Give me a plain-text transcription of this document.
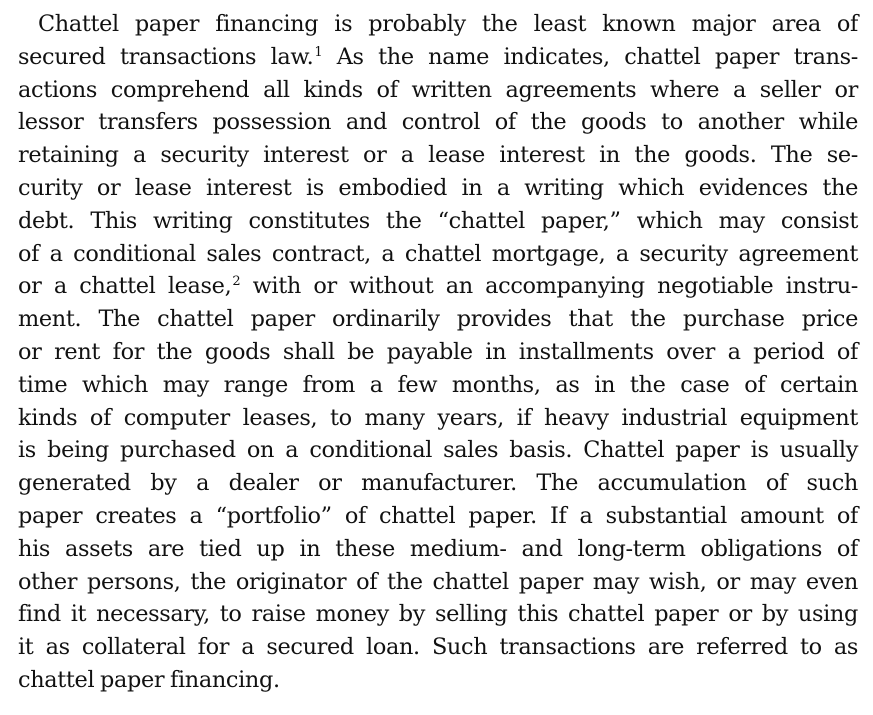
Chattel paper financing is probably the least known major area of
secured transactions law.$^1$ As the name indicates, chattel paper trans-
actions comprehend all kinds of written agreements where a seller or
lessor transfers possession and control of the goods to another while
retaining a security interest or a lease interest in the goods. The se-
curity or lease interest is embodied in a writing which evidences the
debt. This writing constitutes the “chattel paper,” which may consist
of a conditional sales contract, a chattel mortgage, a security agreement
or a chattel lease,$^2$ with or without an accompanying negotiable instru-
ment. The chattel paper ordinarily provides that the purchase price
or rent for the goods shall be payable in installments over a period of
time which may range from a few months, as in the case of certain
kinds of computer leases, to many years, if heavy industrial equipment
is being purchased on a conditional sales basis. Chattel paper is usually
generated by a dealer or manufacturer. The accumulation of such
paper creates a “portfolio” of chattel paper. If a substantial amount of
his assets are tied up in these medium- and long-term obligations of
other persons, the originator of the chattel paper may wish, or may even
find it necessary, to raise money by selling this chattel paper or by using
it as collateral for a secured loan. Such transactions are referred to as
chattel paper financing.
